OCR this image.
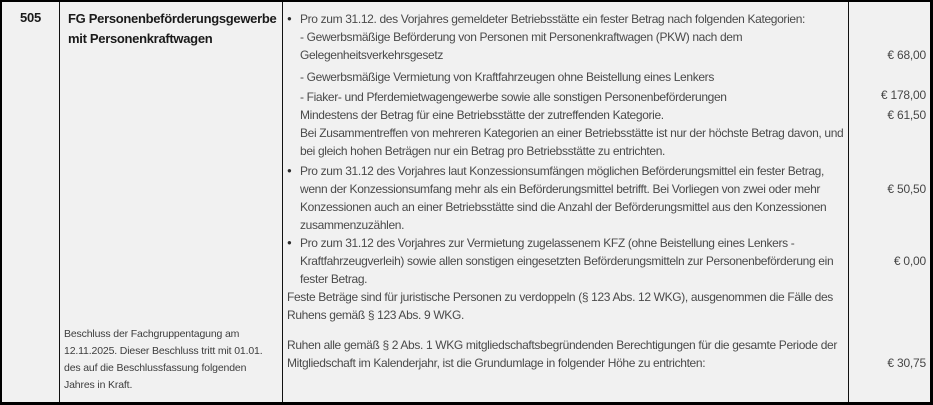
505	FG Personenbeförderungsgewerbe
mit Personenkraftwagen
Beschluss der Fachgruppentagung am 12.11.2025. Dieser Beschluss tritt mit 01.01. des auf die Beschlussfassung folgenden Jahres in Kraft.
● Pro zum 31.12. des Vorjahres gemeldeter Betriebsstätte ein fester Betrag nach folgenden Kategorien:
- Gewerbsmäßige Beförderung von Personen mit Personenkraftwagen (PKW) nach dem Gelegenheitsverkehrsgesetz
- Gewerbsmäßige Vermietung von Kraftfahrzeugen ohne Beistellung eines Lenkers
- Fiaker- und Pferdemietwagengewerbe sowie alle sonstigen Personenbeförderungen
Mindestens der Betrag für eine Betriebsstätte der zutreffenden Kategorie.
Bei Zusammentreffen von mehreren Kategorien an einer Betriebsstätte ist nur der höchste Betrag davon, und bei gleich hohen Beträgen nur ein Betrag pro Betriebsstätte zu entrichten.
● Pro zum 31.12 des Vorjahres laut Konzessionsumfängen möglichen Beförderungsmittel ein fester Betrag, wenn der Konzessionsumfang mehr als ein Beförderungsmittel betrifft. Bei Vorliegen von zwei oder mehr Konzessionen auch an einer Betriebsstätte sind die Anzahl der Beförderungsmittel aus den Konzessionen zusammenzuzählen.
● Pro zum 31.12 des Vorjahres zur Vermietung zugelassenem KFZ (ohne Beistellung eines Lenkers - Kraftfahrzeugverleih) sowie allen sonstigen eingesetzten Beförderungsmitteln zur Personenbeförderung ein fester Betrag.
Feste Beträge sind für juristische Personen zu verdoppeln (§ 123 Abs. 12 WKG), ausgenommen die Fälle des Ruhens gemäß § 123 Abs. 9 WKG.
Ruhen alle gemäß § 2 Abs. 1 WKG mitgliedschaftsbegründenden Berechtigungen für die gesamte Periode der Mitgliedschaft im Kalenderjahr, ist die Grundumlage in folgender Höhe zu entrichten:
€ 68,00
€ 178,00
€ 61,50
€ 50,50
€ 0,00
€ 30,75
